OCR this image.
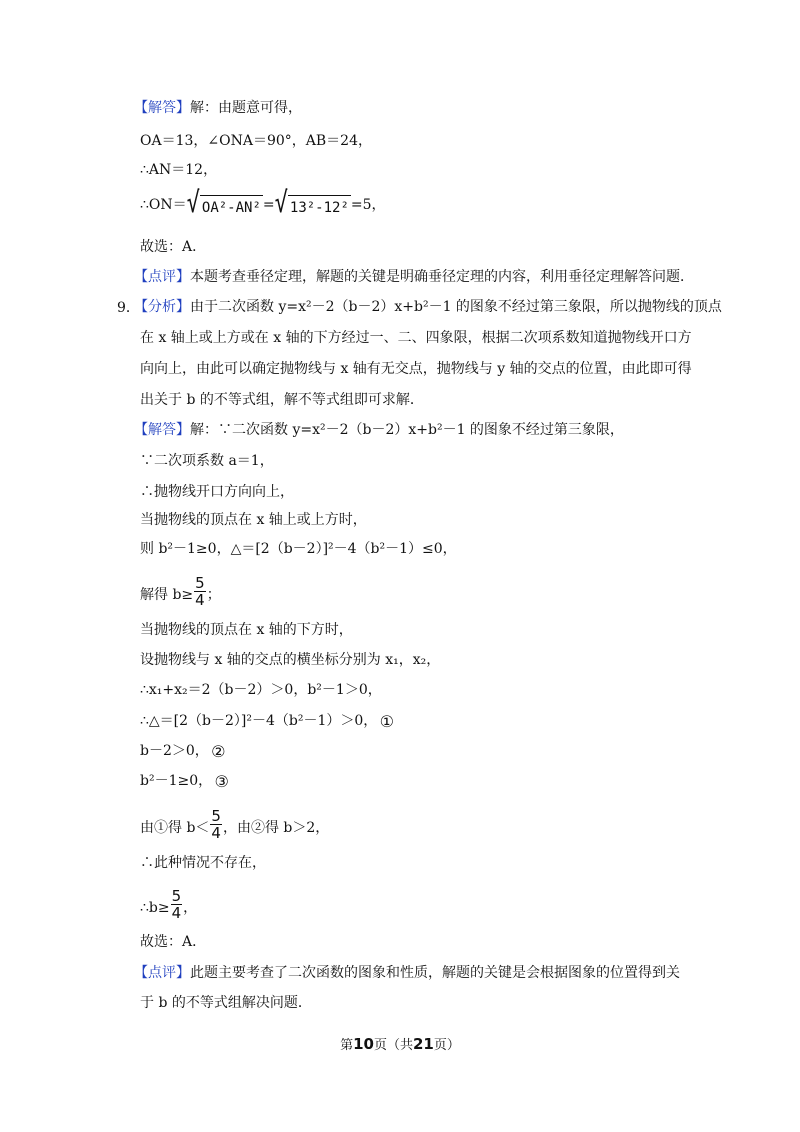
【解答】解：由题意可得，
OA＝13，∠ONA＝90°，AB＝24，
∴AN＝12，
∴ON＝√ OA²-AN² =√ 13²-12² =5，
故选：A．
【点评】本题考查垂径定理，解题的关键是明确垂径定理的内容，利用垂径定理解答问题．
9．
【分析】由于二次函数 y=x²－2（b－2）x+b²－1 的图象不经过第三象限，所以抛物线的顶点
在 x 轴上或上方或在 x 轴的下方经过一、二、四象限，根据二次项系数知道抛物线开口方
向向上，由此可以确定抛物线与 x 轴有无交点，抛物线与 y 轴的交点的位置，由此即可得
出关于 b 的不等式组，解不等式组即可求解．
【解答】解：∵二次函数 y=x²－2（b－2）x+b²－1 的图象不经过第三象限，
∵二次项系数 a＝1，
∴抛物线开口方向向上，
当抛物线的顶点在 x 轴上或上方时，
则 b²－1≥0，△＝[2（b－2）]²－4（b²－1）≤0，
解得 $b\ge \frac{5}{4}$ ；
当抛物线的顶点在 x 轴的下方时，
设抛物线与 x 轴的交点的横坐标分别为 x₁，x₂，
∴x₁+x₂＝2（b－2）＞0，b²－1＞0，
∴△＝[2（b－2）]²－4（b²－1）＞0， ①
b－2＞0， ②
b²－1≥0， ③
由①得 $b< \frac{5}{4}$ ，由②得 b＞2，
∴此种情况不存在，
∴b≥ $\frac{5}{4}$ ，
故选：A．
【点评】此题主要考查了二次函数的图象和性质，解题的关键是会根据图象的位置得到关
于 b 的不等式组解决问题．
第10页（共21页）
